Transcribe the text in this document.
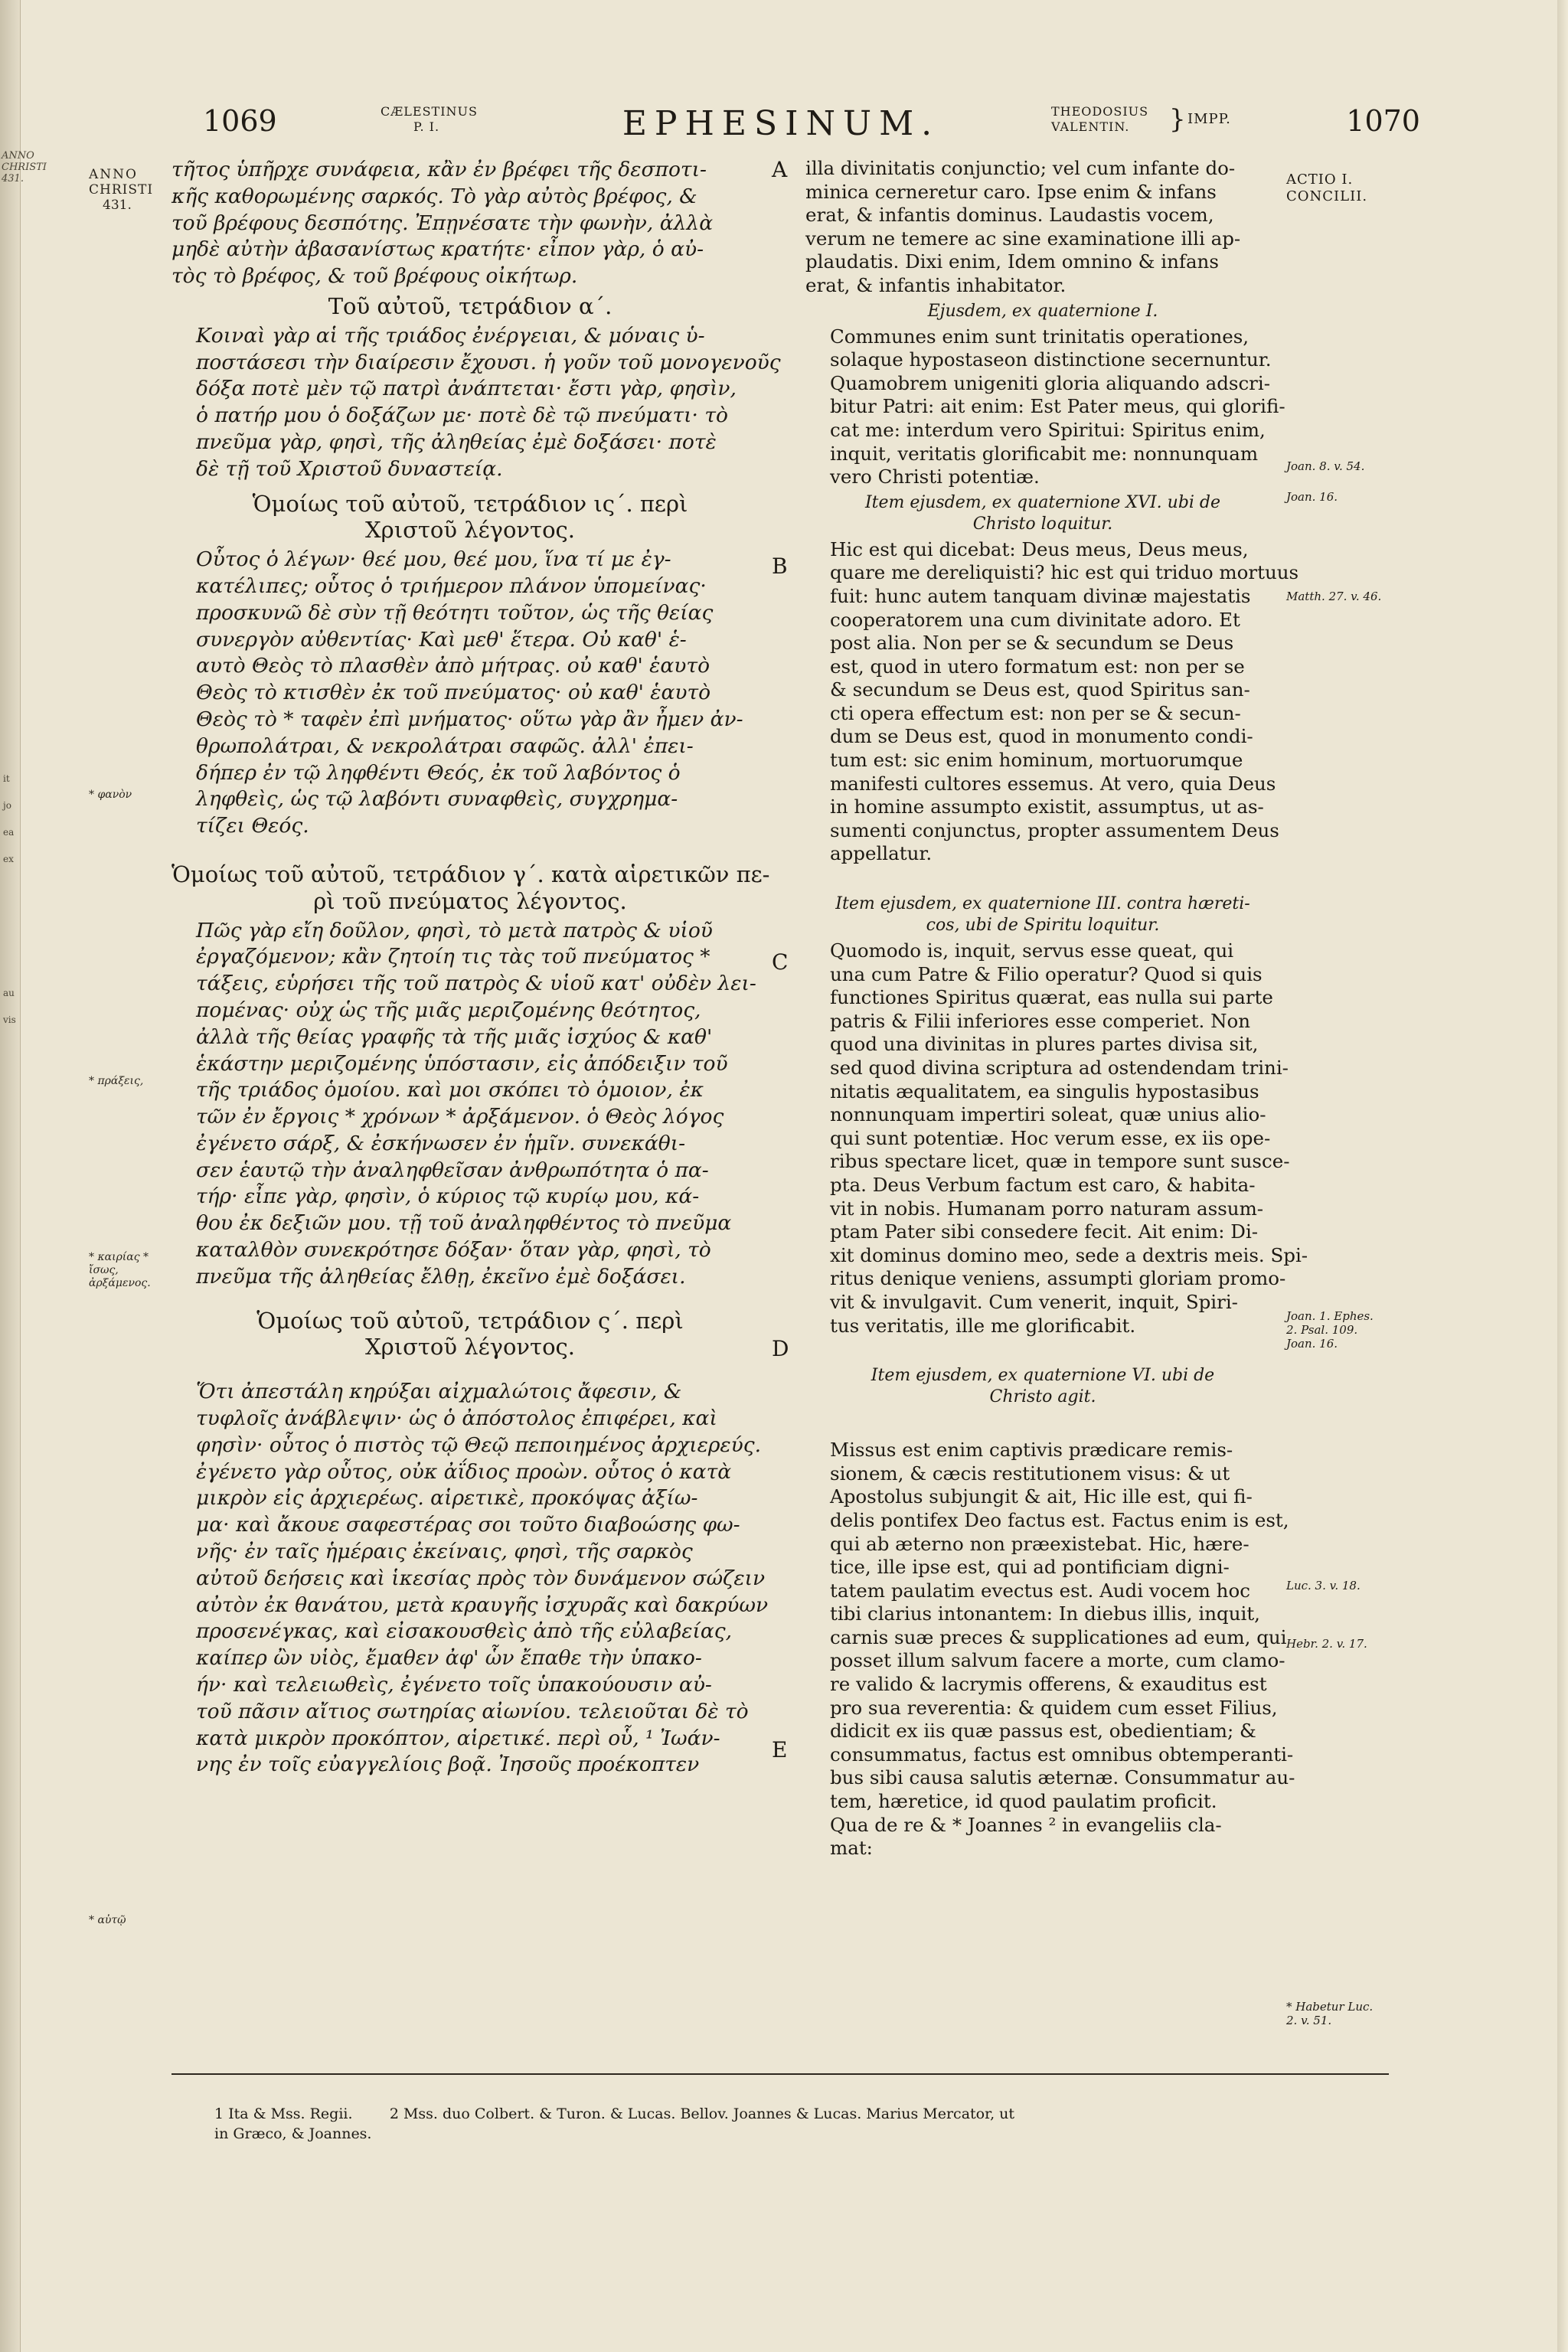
ANNO CHRISTI 431.
it
jo
ea
ex
au
vis
1069	CÆLESTINUS
P. I.	EPHESINUM.	THEODOSIUS
VALENTIN.	} IMPP.	1070
ANNO
CHRISTI
431.
* φανὸν
* πράξεις,
* καιρίας * ἴσως, ἀρξάμενος.
* αὐτῷ
τῆτος ὑπῆρχε συνάφεια, κἂν ἐν βρέφει τῆς δεσποτι-
κῆς καθορωμένης σαρκός. Τὸ γὰρ αὐτὸς βρέφος, &
τοῦ βρέφους δεσπότης. Ἐπῃνέσατε τὴν φωνὴν, ἀλλὰ
μηδὲ αὐτὴν ἀβασανίστως κρατήτε· εἶπον γὰρ, ὁ αὐ-
τὸς τὸ βρέφος, & τοῦ βρέφους οἰκήτωρ.
Τοῦ αὐτοῦ, τετράδιον α΄.
Κοιναὶ γὰρ αἱ τῆς τριάδος ἐνέργειαι, & μόναις ὑ-
ποστάσεσι τὴν διαίρεσιν ἔχουσι. ἡ γοῦν τοῦ μονογενοῦς
δόξα ποτὲ μὲν τῷ πατρὶ ἀνάπτεται· ἔστι γὰρ, φησὶν,
ὁ πατήρ μου ὁ δοξάζων με· ποτὲ δὲ τῷ πνεύματι· τὸ
πνεῦμα γὰρ, φησὶ, τῆς ἀληθείας ἐμὲ δοξάσει· ποτὲ
δὲ τῇ τοῦ Χριστοῦ δυναστείᾳ.
Ὁμοίως τοῦ αὐτοῦ, τετράδιον ις΄. περὶ
Χριστοῦ λέγοντος.
Οὗτος ὁ λέγων· θεέ μου, θεέ μου, ἵνα τί με ἐγ-
κατέλιπες; οὗτος ὁ τριήμερον πλάνον ὑπομείνας·
προσκυνῶ δὲ σὺν τῇ θεότητι τοῦτον, ὡς τῆς θείας
συνεργὸν αὐθεντίας· Καὶ μεθ' ἕτερα. Οὐ καθ' ἑ-
αυτὸ Θεὸς τὸ πλασθὲν ἀπὸ μήτρας. οὐ καθ' ἑαυτὸ
Θεὸς τὸ κτισθὲν ἐκ τοῦ πνεύματος· οὐ καθ' ἑαυτὸ
Θεὸς τὸ * ταφὲν ἐπὶ μνήματος· οὕτω γὰρ ἂν ἦμεν ἀν-
θρωπολάτραι, & νεκρολάτραι σαφῶς. ἀλλ' ἐπει-
δήπερ ἐν τῷ ληφθέντι Θεός, ἐκ τοῦ λαβόντος ὁ
ληφθεὶς, ὡς τῷ λαβόντι συναφθεὶς, συγχρημα-
τίζει Θεός.
Ὁμοίως τοῦ αὐτοῦ, τετράδιον γ΄. κατὰ αἱρετικῶν πε-
ρὶ τοῦ πνεύματος λέγοντος.
Πῶς γὰρ εἴη δοῦλον, φησὶ, τὸ μετὰ πατρὸς & υἱοῦ
ἐργαζόμενον; κἂν ζητοίη τις τὰς τοῦ πνεύματος *
τάξεις, εὑρήσει τῆς τοῦ πατρὸς & υἱοῦ κατ' οὐδὲν λει-
πομένας· οὐχ ὡς τῆς μιᾶς μεριζομένης θεότητος,
ἀλλὰ τῆς θείας γραφῆς τὰ τῆς μιᾶς ἰσχύος & καθ'
ἑκάστην μεριζομένης ὑπόστασιν, εἰς ἀπόδειξιν τοῦ
τῆς τριάδος ὁμοίου. καὶ μοι σκόπει τὸ ὁμοιον, ἐκ
τῶν ἐν ἔργοις * χρόνων * ἀρξάμενον. ὁ Θεὸς λόγος
ἐγένετο σάρξ, & ἐσκήνωσεν ἐν ἡμῖν. συνεκάθι-
σεν ἑαυτῷ τὴν ἀναληφθεῖσαν ἀνθρωπότητα ὁ πα-
τήρ· εἶπε γὰρ, φησὶν, ὁ κύριος τῷ κυρίῳ μου, κά-
θου ἐκ δεξιῶν μου. τῇ τοῦ ἀναληφθέντος τὸ πνεῦμα
καταλθὸν συνεκρότησε δόξαν· ὅταν γὰρ, φησὶ, τὸ
πνεῦμα τῆς ἀληθείας ἔλθῃ, ἐκεῖνο ἐμὲ δοξάσει.
Ὁμοίως τοῦ αὐτοῦ, τετράδιον ς΄. περὶ
Χριστοῦ λέγοντος.
Ὅτι ἀπεστάλη κηρύξαι αἰχμαλώτοις ἄφεσιν, &
τυφλοῖς ἀνάβλεψιν· ὡς ὁ ἀπόστολος ἐπιφέρει, καὶ
φησὶν· οὗτος ὁ πιστὸς τῷ Θεῷ πεποιημένος ἀρχιερεύς.
ἐγένετο γὰρ οὗτος, οὐκ ἀΐδιος προὼν. οὗτος ὁ κατὰ
μικρὸν εἰς ἀρχιερέως. αἱρετικὲ, προκόψας ἀξίω-
μα· καὶ ἄκουε σαφεστέρας σοι τοῦτο διαβοώσης φω-
νῆς· ἐν ταῖς ἡμέραις ἐκείναις, φησὶ, τῆς σαρκὸς
αὐτοῦ δεήσεις καὶ ἱκεσίας πρὸς τὸν δυνάμενον σώζειν
αὐτὸν ἐκ θανάτου, μετὰ κραυγῆς ἰσχυρᾶς καὶ δακρύων
προσενέγκας, καὶ εἰσακουσθεὶς ἀπὸ τῆς εὐλαβείας,
καίπερ ὢν υἱὸς, ἔμαθεν ἀφ' ὧν ἔπαθε τὴν ὑπακο-
ήν· καὶ τελειωθεὶς, ἐγένετο τοῖς ὑπακούουσιν αὐ-
τοῦ πᾶσιν αἴτιος σωτηρίας αἰωνίου. τελειοῦται δὲ τὸ
κατὰ μικρὸν προκόπτον, αἱρετικέ. περὶ οὗ, ¹ Ἰωάν-
νης ἐν τοῖς εὐαγγελίοις βοᾷ. Ἰησοῦς προέκοπτεν
A
B
C
D
E
illa divinitatis conjunctio; vel cum infante do-
minica cerneretur caro. Ipse enim & infans
erat, & infantis dominus. Laudastis vocem,
verum ne temere ac sine examinatione illi ap-
plaudatis. Dixi enim, Idem omnino & infans
erat, & infantis inhabitator.
Ejusdem, ex quaternione I.
Communes enim sunt trinitatis operationes,
solaque hypostaseon distinctione secernuntur.
Quamobrem unigeniti gloria aliquando adscri-
bitur Patri: ait enim: Est Pater meus, qui glorifi-
cat me: interdum vero Spiritui: Spiritus enim,
inquit, veritatis glorificabit me: nonnunquam
vero Christi potentiæ.
Item ejusdem, ex quaternione XVI. ubi de
Christo loquitur.
Hic est qui dicebat: Deus meus, Deus meus,
quare me dereliquisti? hic est qui triduo mortuus
fuit: hunc autem tanquam divinæ majestatis
cooperatorem una cum divinitate adoro. Et
post alia. Non per se & secundum se Deus
est, quod in utero formatum est: non per se
& secundum se Deus est, quod Spiritus san-
cti opera effectum est: non per se & secun-
dum se Deus est, quod in monumento condi-
tum est: sic enim hominum, mortuorumque
manifesti cultores essemus. At vero, quia Deus
in homine assumpto existit, assumptus, ut as-
sumenti conjunctus, propter assumentem Deus
appellatur.
Item ejusdem, ex quaternione III. contra hæreti-
cos, ubi de Spiritu loquitur.
Quomodo is, inquit, servus esse queat, qui
una cum Patre & Filio operatur? Quod si quis
functiones Spiritus quærat, eas nulla sui parte
patris & Filii inferiores esse comperiet. Non
quod una divinitas in plures partes divisa sit,
sed quod divina scriptura ad ostendendam trini-
nitatis æqualitatem, ea singulis hypostasibus
nonnunquam impertiri soleat, quæ unius alio-
qui sunt potentiæ. Hoc verum esse, ex iis ope-
ribus spectare licet, quæ in tempore sunt susce-
pta. Deus Verbum factum est caro, & habita-
vit in nobis. Humanam porro naturam assum-
ptam Pater sibi consedere fecit. Ait enim: Di-
xit dominus domino meo, sede a dextris meis. Spi-
ritus denique veniens, assumpti gloriam promo-
vit & invulgavit. Cum venerit, inquit, Spiri-
tus veritatis, ille me glorificabit.
Item ejusdem, ex quaternione VI. ubi de
Christo agit.
Missus est enim captivis prædicare remis-
sionem, & cæcis restitutionem visus: & ut
Apostolus subjungit & ait, Hic ille est, qui fi-
delis pontifex Deo factus est. Factus enim is est,
qui ab æterno non præexistebat. Hic, hære-
tice, ille ipse est, qui ad pontificiam digni-
tatem paulatim evectus est. Audi vocem hoc
tibi clarius intonantem: In diebus illis, inquit,
carnis suæ preces & supplicationes ad eum, qui
posset illum salvum facere a morte, cum clamo-
re valido & lacrymis offerens, & exauditus est
pro sua reverentia: & quidem cum esset Filius,
didicit ex iis quæ passus est, obedientiam; &
consummatus, factus est omnibus obtemperanti-
bus sibi causa salutis æternæ. Consummatur au-
tem, hæretice, id quod paulatim proficit.
Qua de re & * Joannes ² in evangeliis cla-
mat:
ACTIO I.
CONCILII.
Joan. 8. v. 54.
Joan. 16.
Matth. 27. v. 46.
Joan. 1. Ephes. 2. Psal. 109. Joan. 16.
Luc. 3. v. 18.
Hebr. 2. v. 17.
* Habetur Luc. 2. v. 51.
1 Ita & Mss. Regii.        2 Mss. duo Colbert. & Turon. & Lucas. Bellov. Joannes & Lucas. Marius Mercator, ut
in Græco, & Joannes.
